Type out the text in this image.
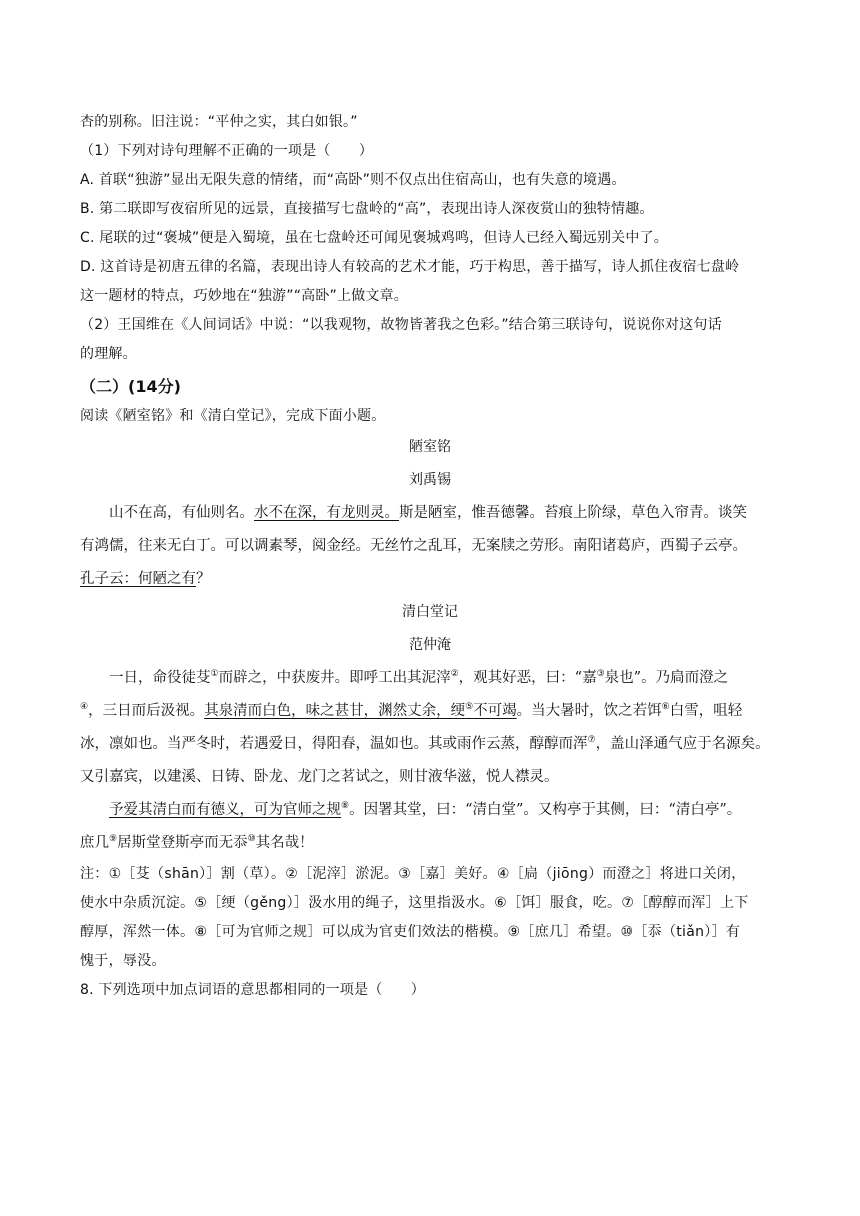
杏的别称。旧注说：“平仲之实，其白如银。”

（1）下列对诗句理解不正确的一项是（　　）

A. 首联“独游”显出无限失意的情绪，而“高卧”则不仅点出住宿高山，也有失意的境遇。

B. 第二联即写夜宿所见的远景，直接描写七盘岭的“高”，表现出诗人深夜赏山的独特情趣。

C. 尾联的过“褒城”便是入蜀境，虽在七盘岭还可闻见褒城鸡鸣，但诗人已经入蜀远别关中了。

D. 这首诗是初唐五律的名篇，表现出诗人有较高的艺术才能，巧于构思，善于描写，诗人抓住夜宿七盘岭

这一题材的特点，巧妙地在“独游”“高卧”上做文章。

（2）王国维在《人间词话》中说：“以我观物，故物皆著我之色彩。”结合第三联诗句，说说你对这句话

的理解。

（二）(14分)

阅读《陋室铭》和《清白堂记》，完成下面小题。

陋室铭

刘禹锡

山不在高，有仙则名。水不在深，有龙则灵。斯是陋室，惟吾德馨。苔痕上阶绿，草色入帘青。谈笑

有鸿儒，往来无白丁。可以调素琴，阅金经。无丝竹之乱耳，无案牍之劳形。南阳诸葛庐，西蜀子云亭。

孔子云：何陋之有？

清白堂记

范仲淹

一日，命役徒芟①而辟之，中获废井。即呼工出其泥滓②，观其好恶，曰：“嘉③泉也”。乃扃而澄之

④，三日而后汲视。其泉清而白色，味之甚甘，渊然丈余，绠⑤不可竭。当大暑时，饮之若饵⑥白雪，咀轻

冰，凛如也。当严冬时，若遇爱日，得阳春，温如也。其或雨作云蒸，醇醇而浑⑦，盖山泽通气应于名源矣。

又引嘉宾，以建溪、日铸、卧龙、龙门之茗试之，则甘液华滋，悦人襟灵。

予爱其清白而有德义，可为官师之规⑧。因署其堂，曰：“清白堂”。又构亭于其侧，曰：“清白亭”。

庶几⑨居斯堂登斯亭而无忝⑩其名哉！

注：①［芟（shān）］割（草）。②［泥滓］淤泥。③［嘉］美好。④［扃（jiōng）而澄之］将进口关闭，

使水中杂质沉淀。⑤［绠（gěng）］汲水用的绳子，这里指汲水。⑥［饵］服食，吃。⑦［醇醇而浑］上下

醇厚，浑然一体。⑧［可为官师之规］可以成为官吏们效法的楷模。⑨［庶几］希望。⑩［忝（tiǎn）］有

愧于，辱没。

8. 下列选项中加点词语的意思都相同的一项是（　　）
